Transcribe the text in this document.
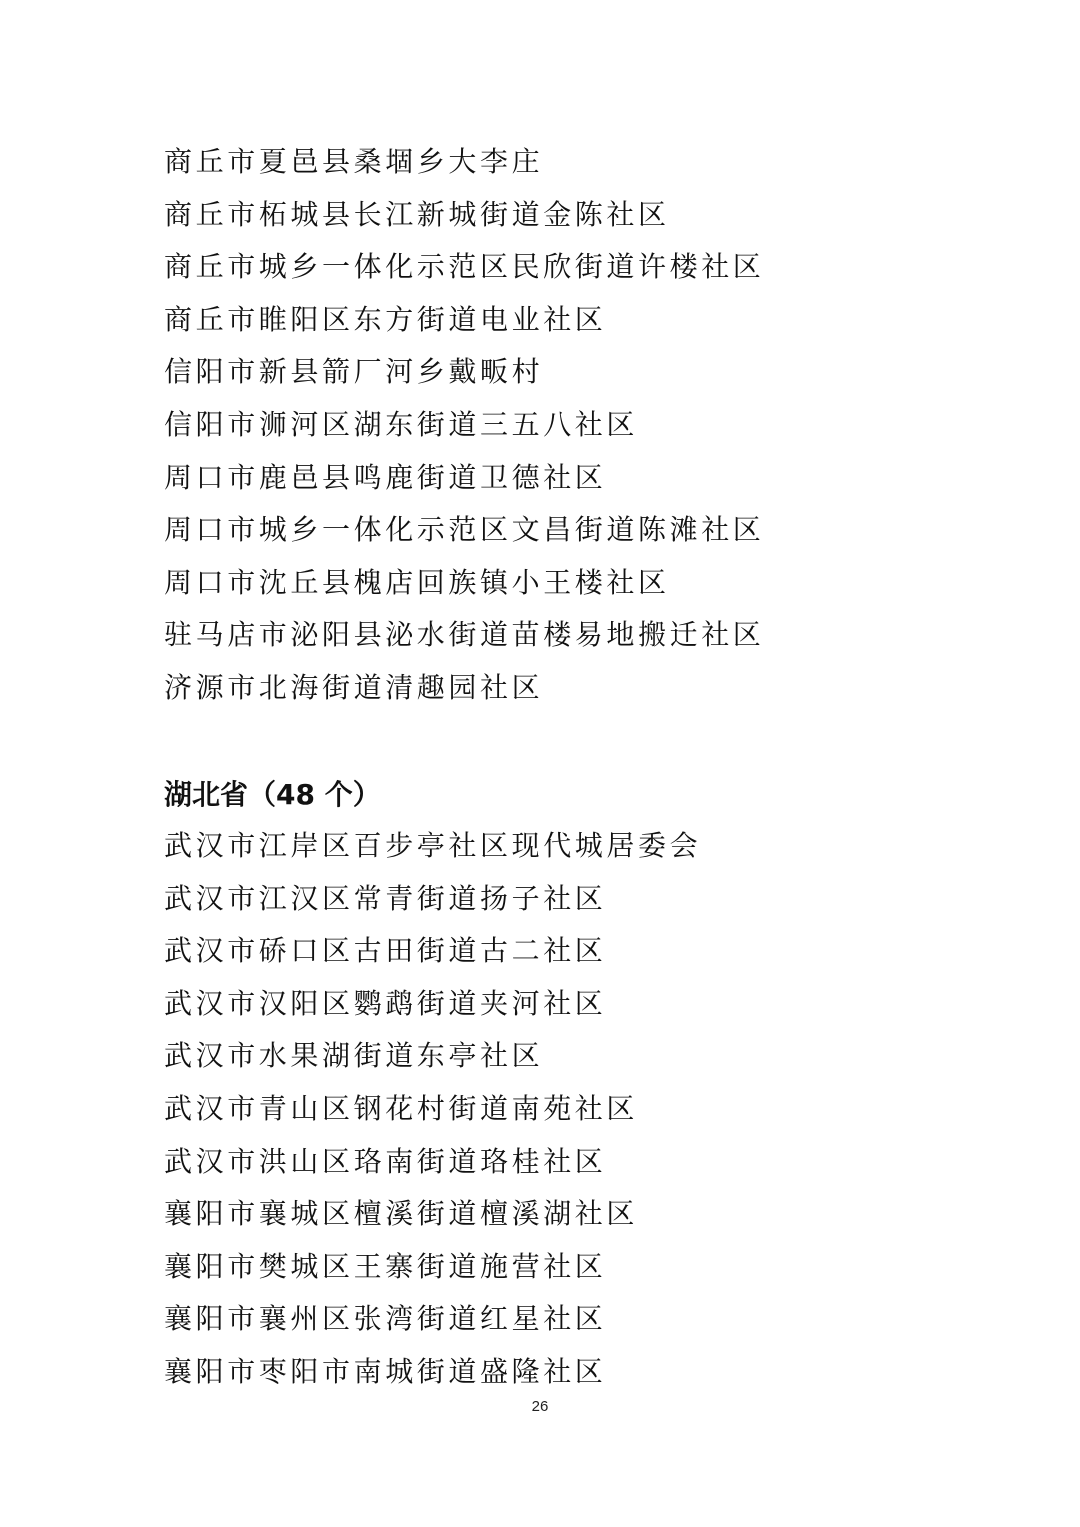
商丘市夏邑县桑堌乡大李庄
商丘市柘城县长江新城街道金陈社区
商丘市城乡一体化示范区民欣街道许楼社区
商丘市睢阳区东方街道电业社区
信阳市新县箭厂河乡戴畈村
信阳市浉河区湖东街道三五八社区
周口市鹿邑县鸣鹿街道卫德社区
周口市城乡一体化示范区文昌街道陈滩社区
周口市沈丘县槐店回族镇小王楼社区
驻马店市泌阳县泌水街道苗楼易地搬迁社区
济源市北海街道清趣园社区
湖北省（48 个）
武汉市江岸区百步亭社区现代城居委会
武汉市江汉区常青街道扬子社区
武汉市硚口区古田街道古二社区
武汉市汉阳区鹦鹉街道夹河社区
武汉市水果湖街道东亭社区
武汉市青山区钢花村街道南苑社区
武汉市洪山区珞南街道珞桂社区
襄阳市襄城区檀溪街道檀溪湖社区
襄阳市樊城区王寨街道施营社区
襄阳市襄州区张湾街道红星社区
襄阳市枣阳市南城街道盛隆社区
26
